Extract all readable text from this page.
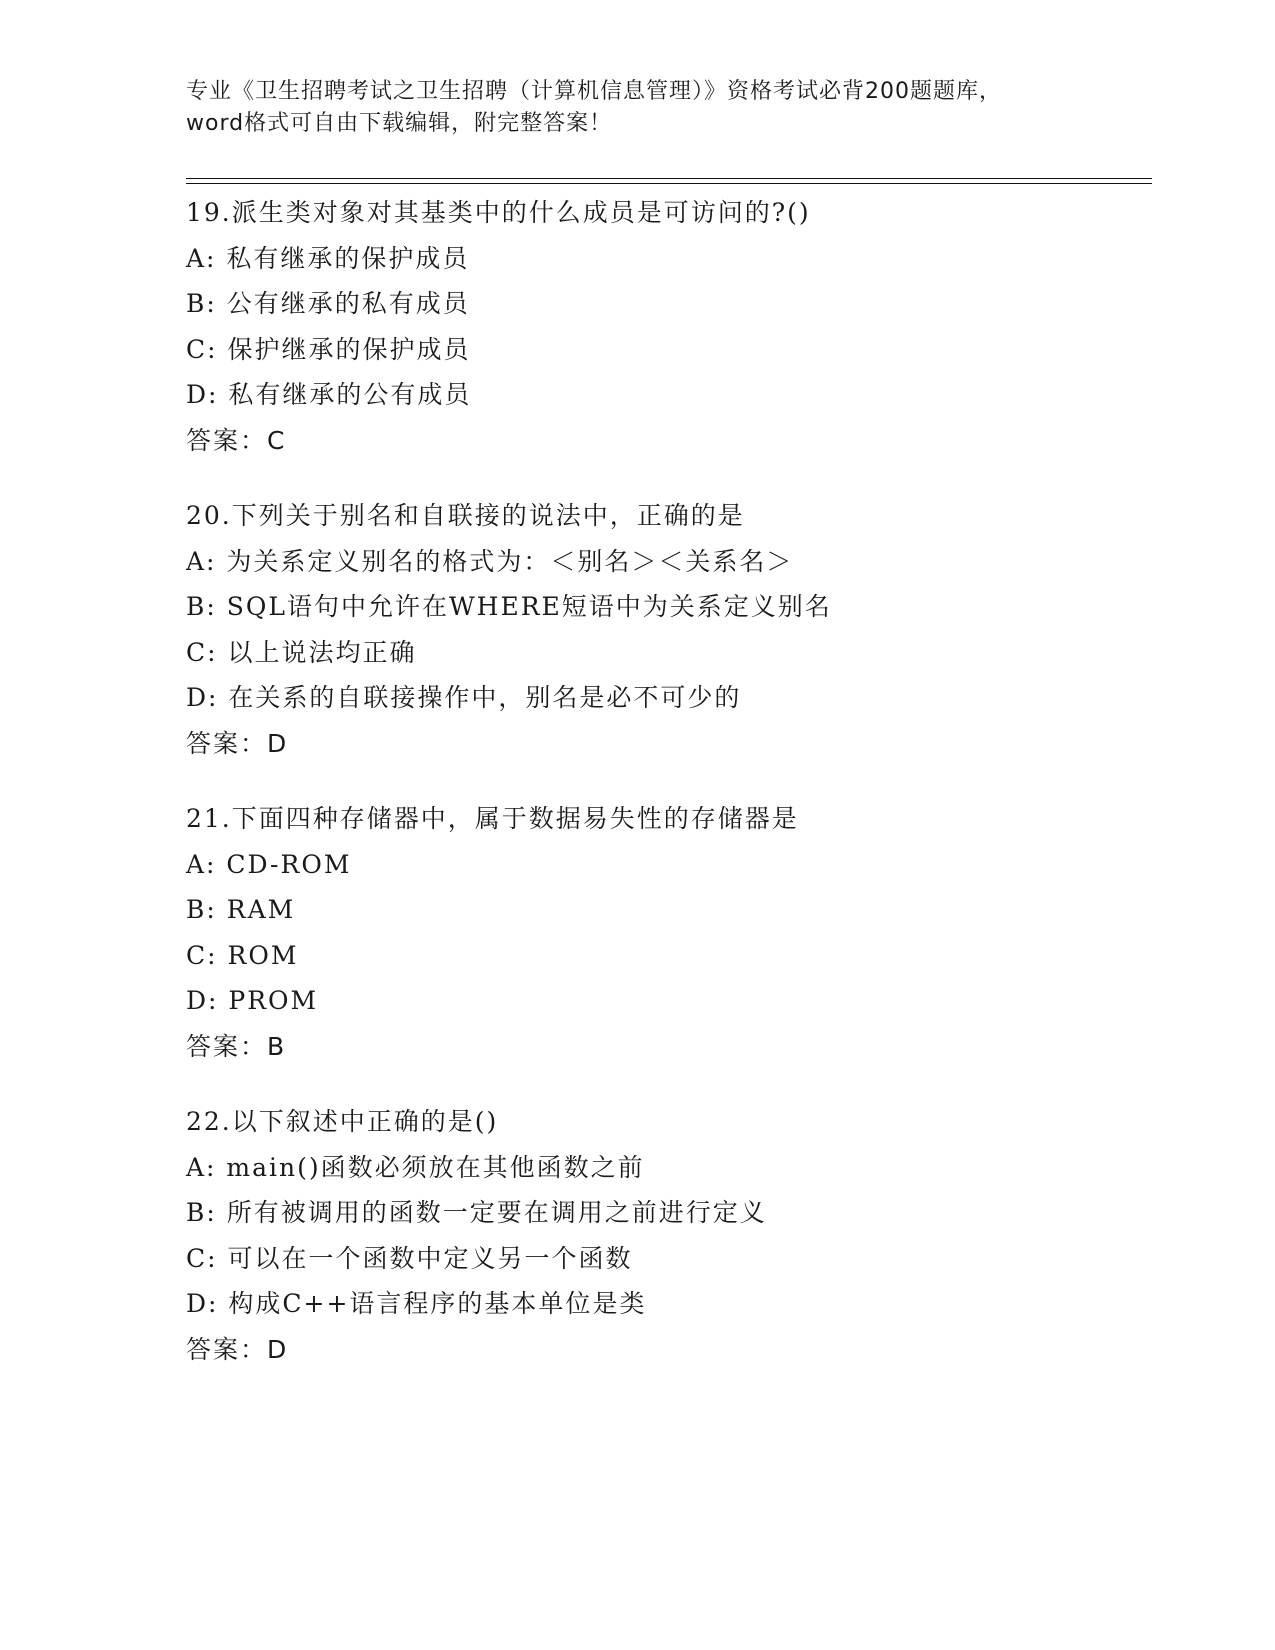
专业《卫生招聘考试之卫生招聘（计算机信息管理）》资格考试必背200题题库，
word格式可自由下载编辑，附完整答案！
19.派生类对象对其基类中的什么成员是可访问的?()
A: 私有继承的保护成员
B: 公有继承的私有成员
C: 保护继承的保护成员
D: 私有继承的公有成员
答案：C
20.下列关于别名和自联接的说法中，正确的是
A: 为关系定义别名的格式为：＜别名＞＜关系名＞
B: SQL语句中允许在WHERE短语中为关系定义别名
C: 以上说法均正确
D: 在关系的自联接操作中，别名是必不可少的
答案：D
21.下面四种存储器中，属于数据易失性的存储器是
A: CD-ROM
B: RAM
C: ROM
D: PROM
答案：B
22.以下叙述中正确的是()
A: main()函数必须放在其他函数之前
B: 所有被调用的函数一定要在调用之前进行定义
C: 可以在一个函数中定义另一个函数
D: 构成C++语言程序的基本单位是类
答案：D
